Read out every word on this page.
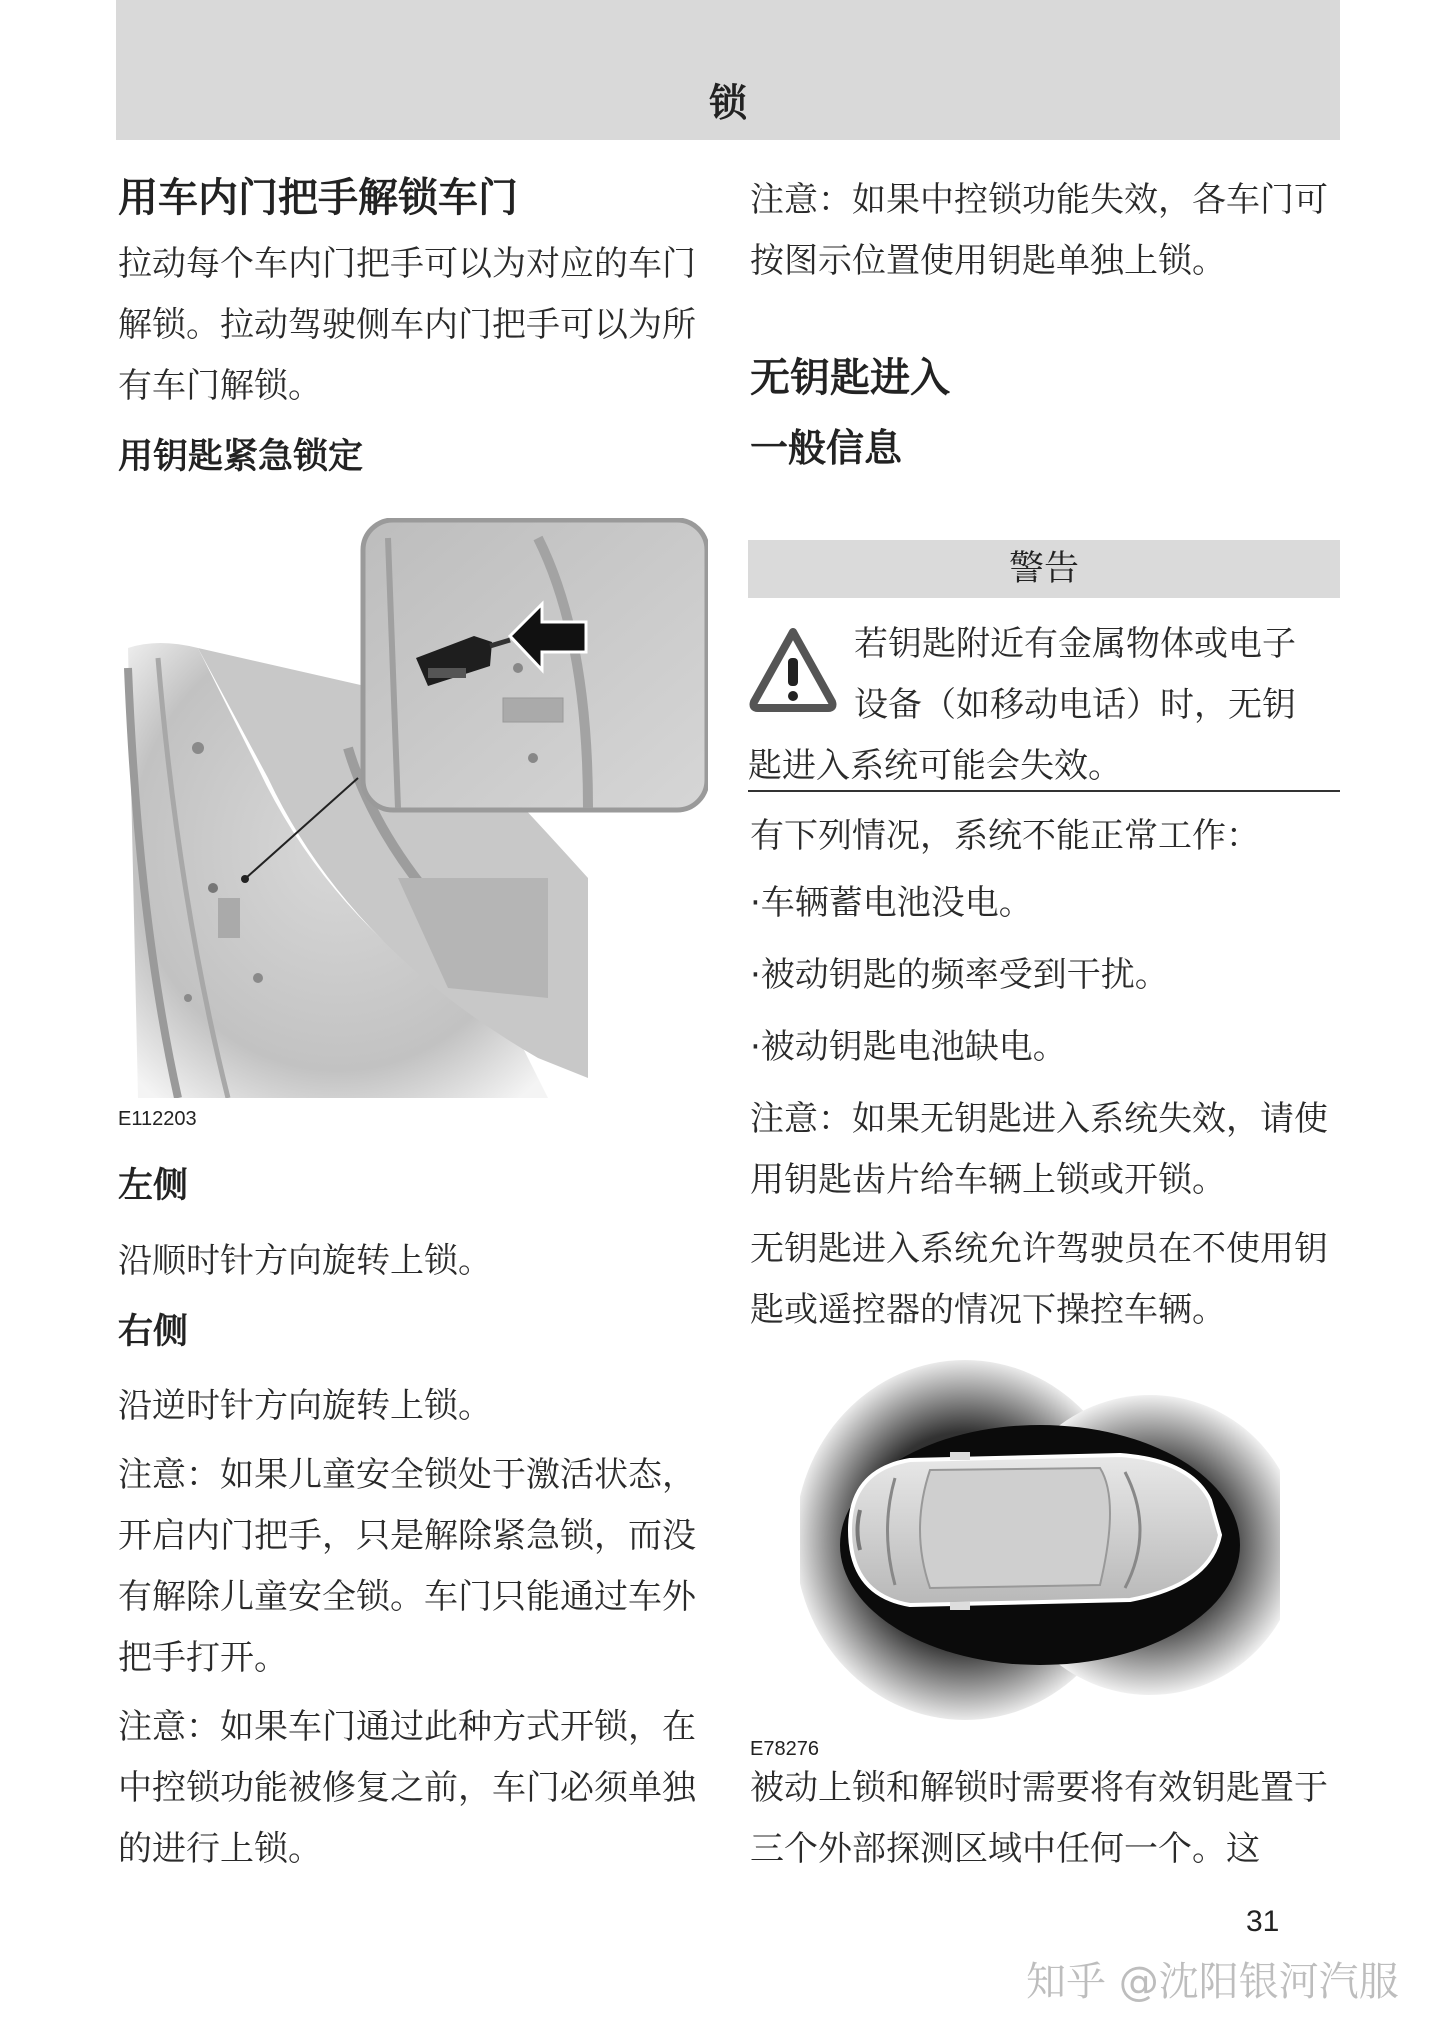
锁

用车内门把手解锁车门

拉动每个车内门把手可以为对应的车门解锁。拉动驾驶侧车内门把手可以为所有车门解锁。

用钥匙紧急锁定

E112203

左侧

沿顺时针方向旋转上锁。

右侧

沿逆时针方向旋转上锁。

注意：如果儿童安全锁处于激活状态，开启内门把手，只是解除紧急锁，而没有解除儿童安全锁。车门只能通过车外把手打开。

注意：如果车门通过此种方式开锁，在中控锁功能被修复之前，车门必须单独的进行上锁。

注意：如果中控锁功能失效，各车门可按图示位置使用钥匙单独上锁。

无钥匙进入

一般信息

警告

若钥匙附近有金属物体或电子

设备（如移动电话）时，无钥

匙进入系统可能会失效。

有下列情况，系统不能正常工作：

·车辆蓄电池没电。

·被动钥匙的频率受到干扰。

·被动钥匙电池缺电。

注意：如果无钥匙进入系统失效，请使用钥匙齿片给车辆上锁或开锁。

无钥匙进入系统允许驾驶员在不使用钥匙或遥控器的情况下操控车辆。

E78276

被动上锁和解锁时需要将有效钥匙置于三个外部探测区域中任何一个。这

31
知乎 @沈阳银河汽服
